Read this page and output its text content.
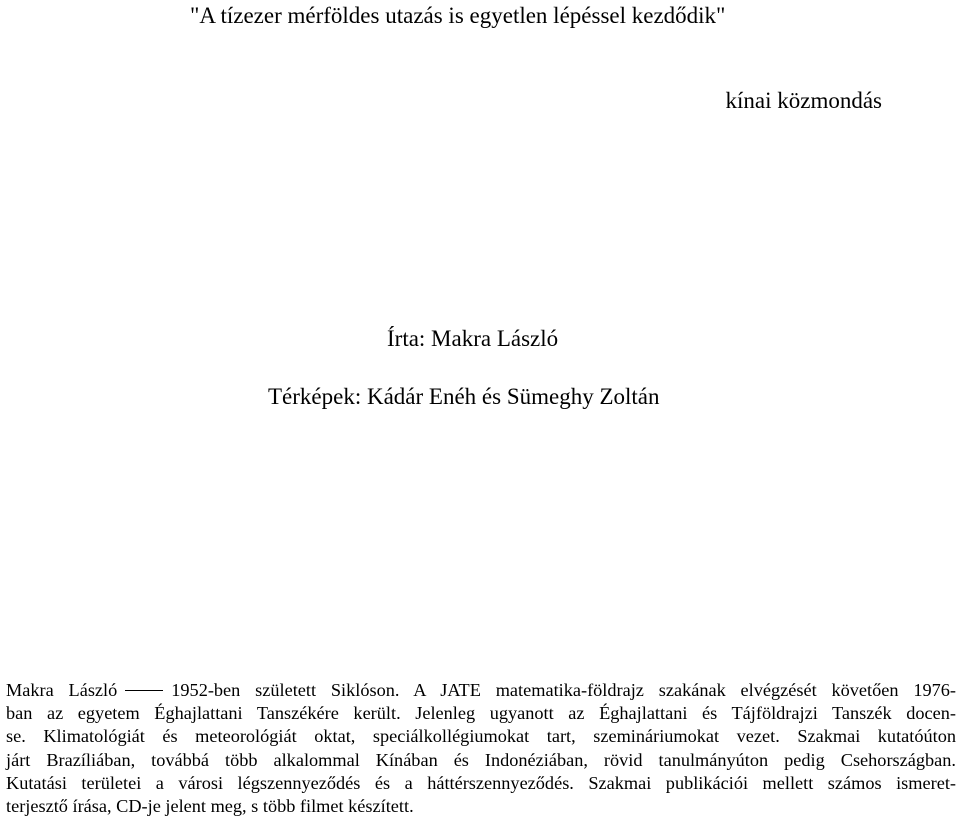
"A tízezer mérföldes utazás is egyetlen lépéssel kezdődik"

kínai közmondás

Írta: Makra László

Térképek: Kádár Enéh és Sümeghy Zoltán

Makra László	1952-ben született Siklóson. A JATE matematika-földrajz szakának elvégzését követően 1976-
ban az egyetem Éghajlattani Tanszékére került. Jelenleg ugyanott az Éghajlattani és Tájföldrajzi Tanszék docen-
se. Klimatológiát és meteorológiát oktat, speciálkollégiumokat tart, szemináriumokat vezet. Szakmai kutatóúton
járt Brazíliában, továbbá több alkalommal Kínában és Indonéziában, rövid tanulmányúton pedig Csehországban.
Kutatási területei a városi légszennyeződés és a háttérszennyeződés. Szakmai publikációi mellett számos ismeret-
terjesztő írása, CD-je jelent meg, s több filmet készített.
